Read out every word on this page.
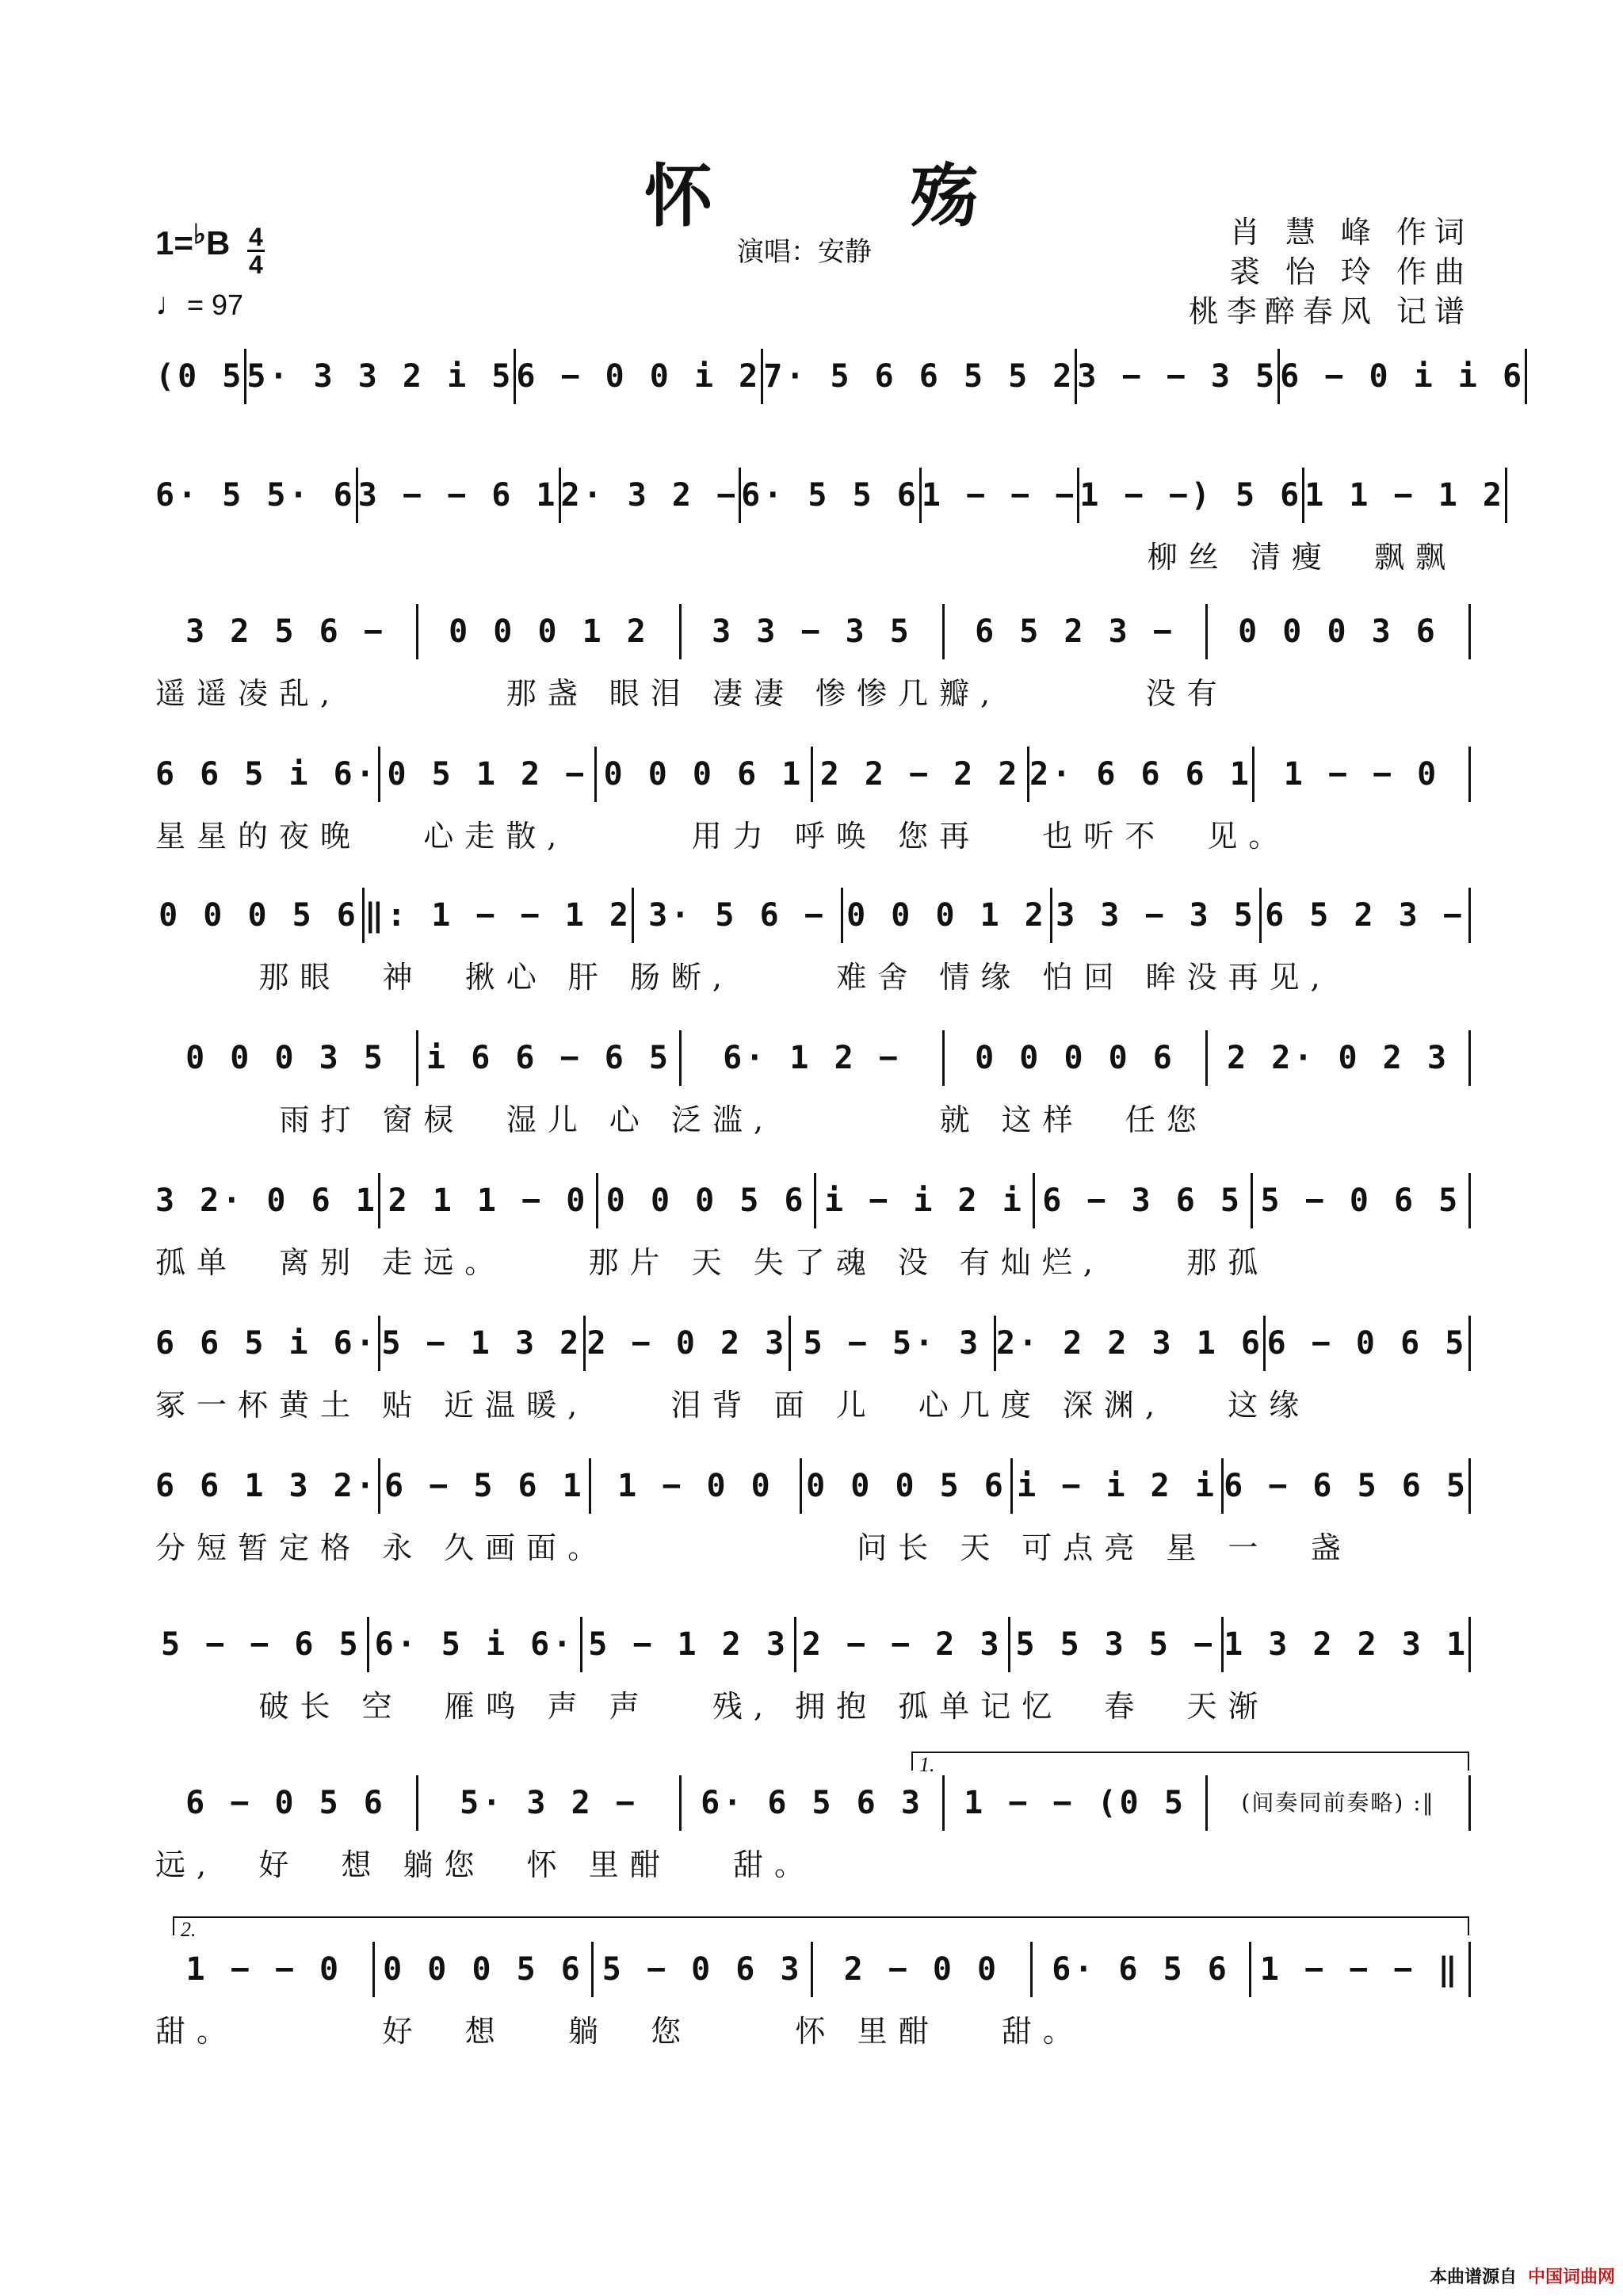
怀 殇
演唱：安静
$1=^♭B \frac{4}{4}$
♩= 97
肖 慧 峰 作词
裘 怡 玲 作曲
桃李醉春风 记谱
(0 5 5· 3 3 2 i 5 6 − 0 0 i 2 7· 5 6 6 5 5 2 3 − − 3 5 6 − 0 i i 6
6· 5 5· 6 3 − − 6 1 2· 3 2 − 6· 5 5 6 1 − − − 1 − −) 5 6 1 1 − 1 2
柳丝 清瘦  飘飘
3 2 5 6 −	0 0 0 1 2	3 3 − 3 5	6 5 2 3 −	0 0 0 3 6
遥遥凌乱,        那盏 眼泪 凄凄 惨惨几瓣,       没有
6 6 5 i 6· 0 5 1 2 − 0 0 0 6 1 2 2 − 2 2 2· 6 6 6 1 1 − − 0
星星的夜晚   心走散,      用力 呼唤 您再   也听不  见。
0 0 0 5 6 ‖: 1 − − 1 2 3· 5 6 − 0 0 0 1 2 3 3 − 3 5 6 5 2 3 −
那眼  神  揪心 肝 肠断,     难舍 情缘 怕回 眸没再见,
0 0 0 3 5	i 6 6 − 6 5	6· 1 2 −	0 0 0 0 6	2 2· 0 2 3
雨打 窗棂  湿儿 心 泛滥,        就 这样  任您
3 2· 0 6 1 2 1 1 − 0 0 0 0 5 6 i − i 2 i 6 − 3 6 5 5 − 0 6 5
孤单  离别 走远。    那片 天 失了魂 没 有灿烂,    那孤
6 6 5 i 6· 5 − 1 3 2 2 − 0 2 3 5 − 5· 3 2· 2 2 3 1 6 6 − 0 6 5
冢一杯黄土 贴 近温暖,    泪背 面 儿  心几度 深渊,   这缘
6 6 1 3 2· 6 − 5 6 1	1 − 0 0	0 0 0 5 6 i − i 2 i 6 − 6 5 6 5
分短暂定格 永 久画面。            问长 天 可点亮 星 一  盏
5 − − 6 5 6· 5 i 6· 5 − 1 2 3 2 − − 2 3 5 5 3 5 − 1 3 2 2 3 1
破长 空  雁鸣 声 声   残, 拥抱 孤单记忆  春  天渐
6 − 0 5 6	5· 3 2 −	6· 6 5 6 3	1 − − (0 5	(间奏同前奏略) :‖
远,  好  想 躺您  怀 里酣   甜。
1 − − 0	0 0 0 5 6 5 − 0 6 3	2 − 0 0	6· 6 5 6 1 − − − ‖
甜。       好  想   躺  您     怀 里酣   甜。
1.
2.
本曲谱源自 中国词曲网
